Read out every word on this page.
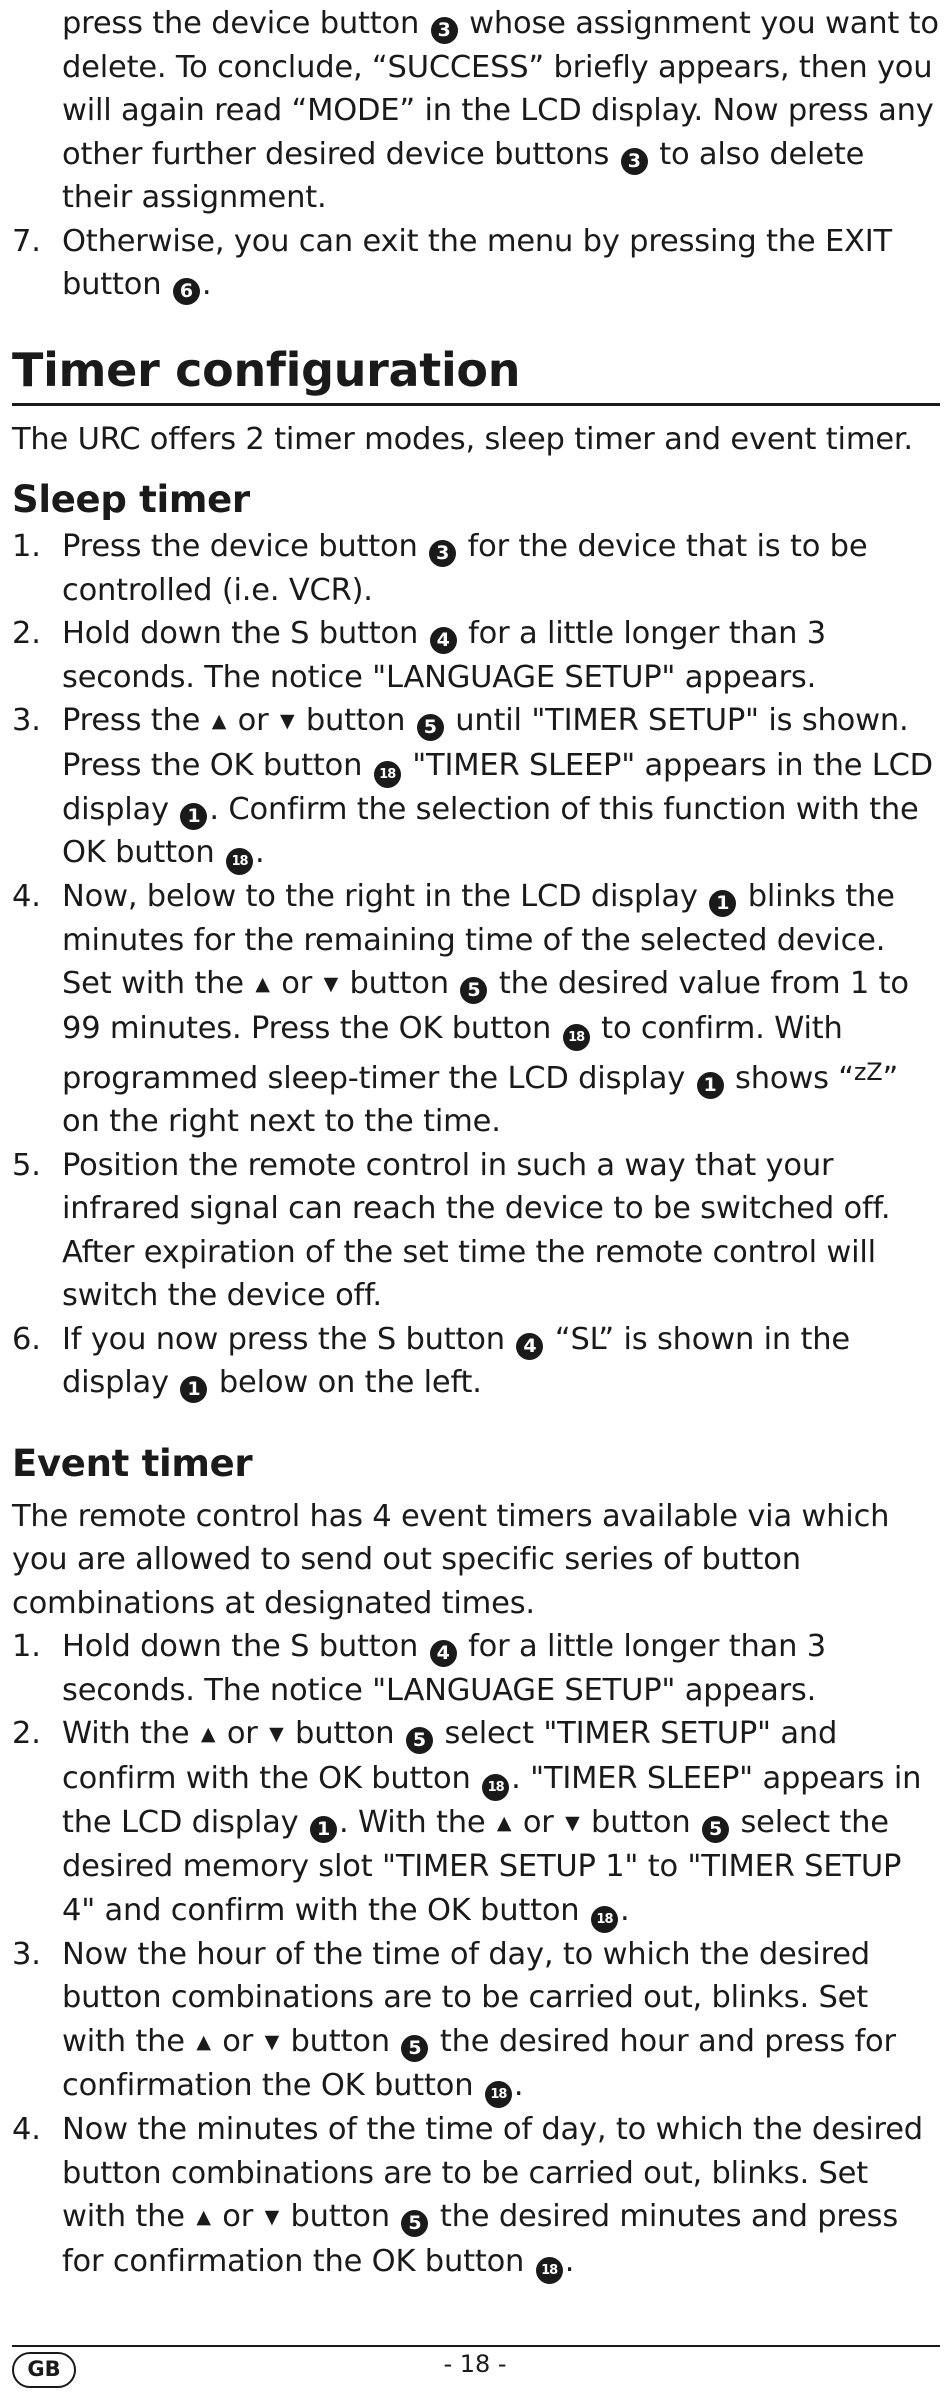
press the device button 3 whose assignment you want to delete. To conclude, “SUCCESS” briefly appears, then you will again read “MODE” in the LCD display. Now press any other further desired device buttons 3 to also delete their assignment.

7. Otherwise, you can exit the menu by pressing the EXIT button 6 .
Timer configuration

The URC offers 2 timer modes, sleep timer and event timer.

Sleep timer
1. Press the device button 3 for the device that is to be controlled (i.e. VCR).
2. Hold down the S button 4 for a little longer than 3 seconds. The notice "LANGUAGE SETUP" appears.
3. Press the ▲ or ▼ button 5 until "TIMER SETUP" is shown. Press the OK button 18 "TIMER SLEEP" appears in the LCD display 1 . Confirm the selection of this function with the OK button 18 .
4. Now, below to the right in the LCD display 1 blinks the minutes for the remaining time of the selected device. Set with the ▲ or ▼ button 5 the desired value from 1 to 99 minutes. Press the OK button 18 to confirm. With programmed sleep-timer the LCD display 1 shows “$^{zZ}$” on the right next to the time.
5. Position the remote control in such a way that your infrared signal can reach the device to be switched off. After expiration of the set time the remote control will switch the device off.
6. If you now press the S button 4 “SL” is shown in the display 1 below on the left.
Event timer

The remote control has 4 event timers available via which you are allowed to send out specific series of button combinations at designated times.

1. Hold down the S button 4 for a little longer than 3 seconds. The notice "LANGUAGE SETUP" appears.
2. With the ▲ or ▼ button 5 select "TIMER SETUP" and confirm with the OK button 18 . "TIMER SLEEP" appears in the LCD display 1 . With the ▲ or ▼ button 5 select the desired memory slot "TIMER SETUP 1" to "TIMER SETUP 4" and confirm with the OK button 18 .
3. Now the hour of the time of day, to which the desired button combinations are to be carried out, blinks. Set with the ▲ or ▼ button 5 the desired hour and press for confirmation the OK button 18 .
4. Now the minutes of the time of day, to which the desired button combinations are to be carried out, blinks. Set with the ▲ or ▼ button 5 the desired minutes and press for confirmation the OK button 18 .
GB	- 18 -
